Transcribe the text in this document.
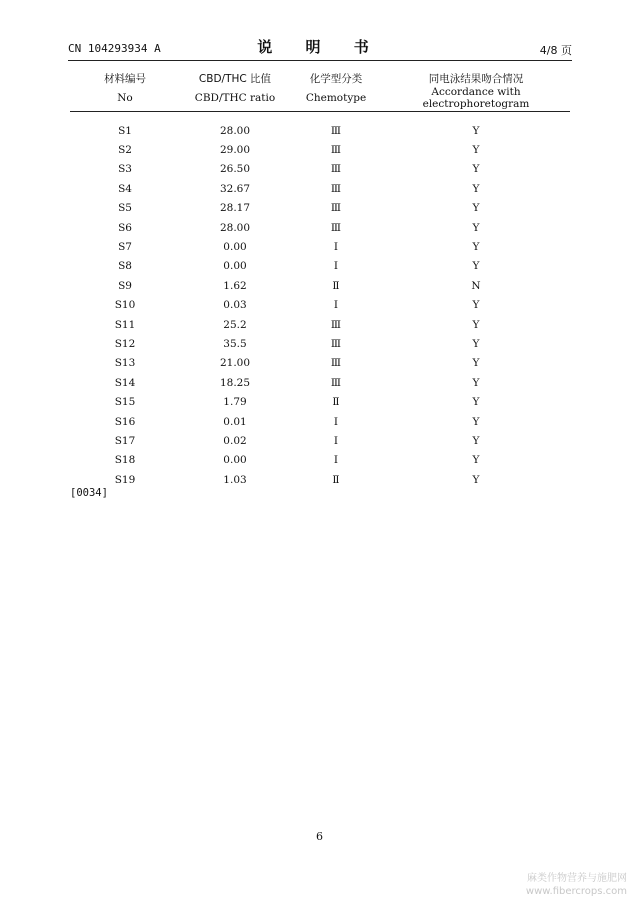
CN 104293934 A	说 明 书	4/8 页
材料编号	CBD/THC 比值	化学型分类	同电泳结果吻合情况
No	CBD/THC ratio	Chemotype	Accordance with electrophoretogram
S1	28.00	Ⅲ	Y
S2	29.00	Ⅲ	Y
S3	26.50	Ⅲ	Y
S4	32.67	Ⅲ	Y
S5	28.17	Ⅲ	Y
S6	28.00	Ⅲ	Y
S7	0.00	Ⅰ	Y
S8	0.00	Ⅰ	Y
S9	1.62	Ⅱ	N
S10	0.03	Ⅰ	Y
S11	25.2	Ⅲ	Y
S12	35.5	Ⅲ	Y
S13	21.00	Ⅲ	Y
S14	18.25	Ⅲ	Y
S15	1.79	Ⅱ	Y
S16	0.01	Ⅰ	Y
S17	0.02	Ⅰ	Y
S18	0.00	Ⅰ	Y
S19	1.03	Ⅱ	Y
[0034]
6
麻类作物营养与施肥网
www.fibercrops.com
